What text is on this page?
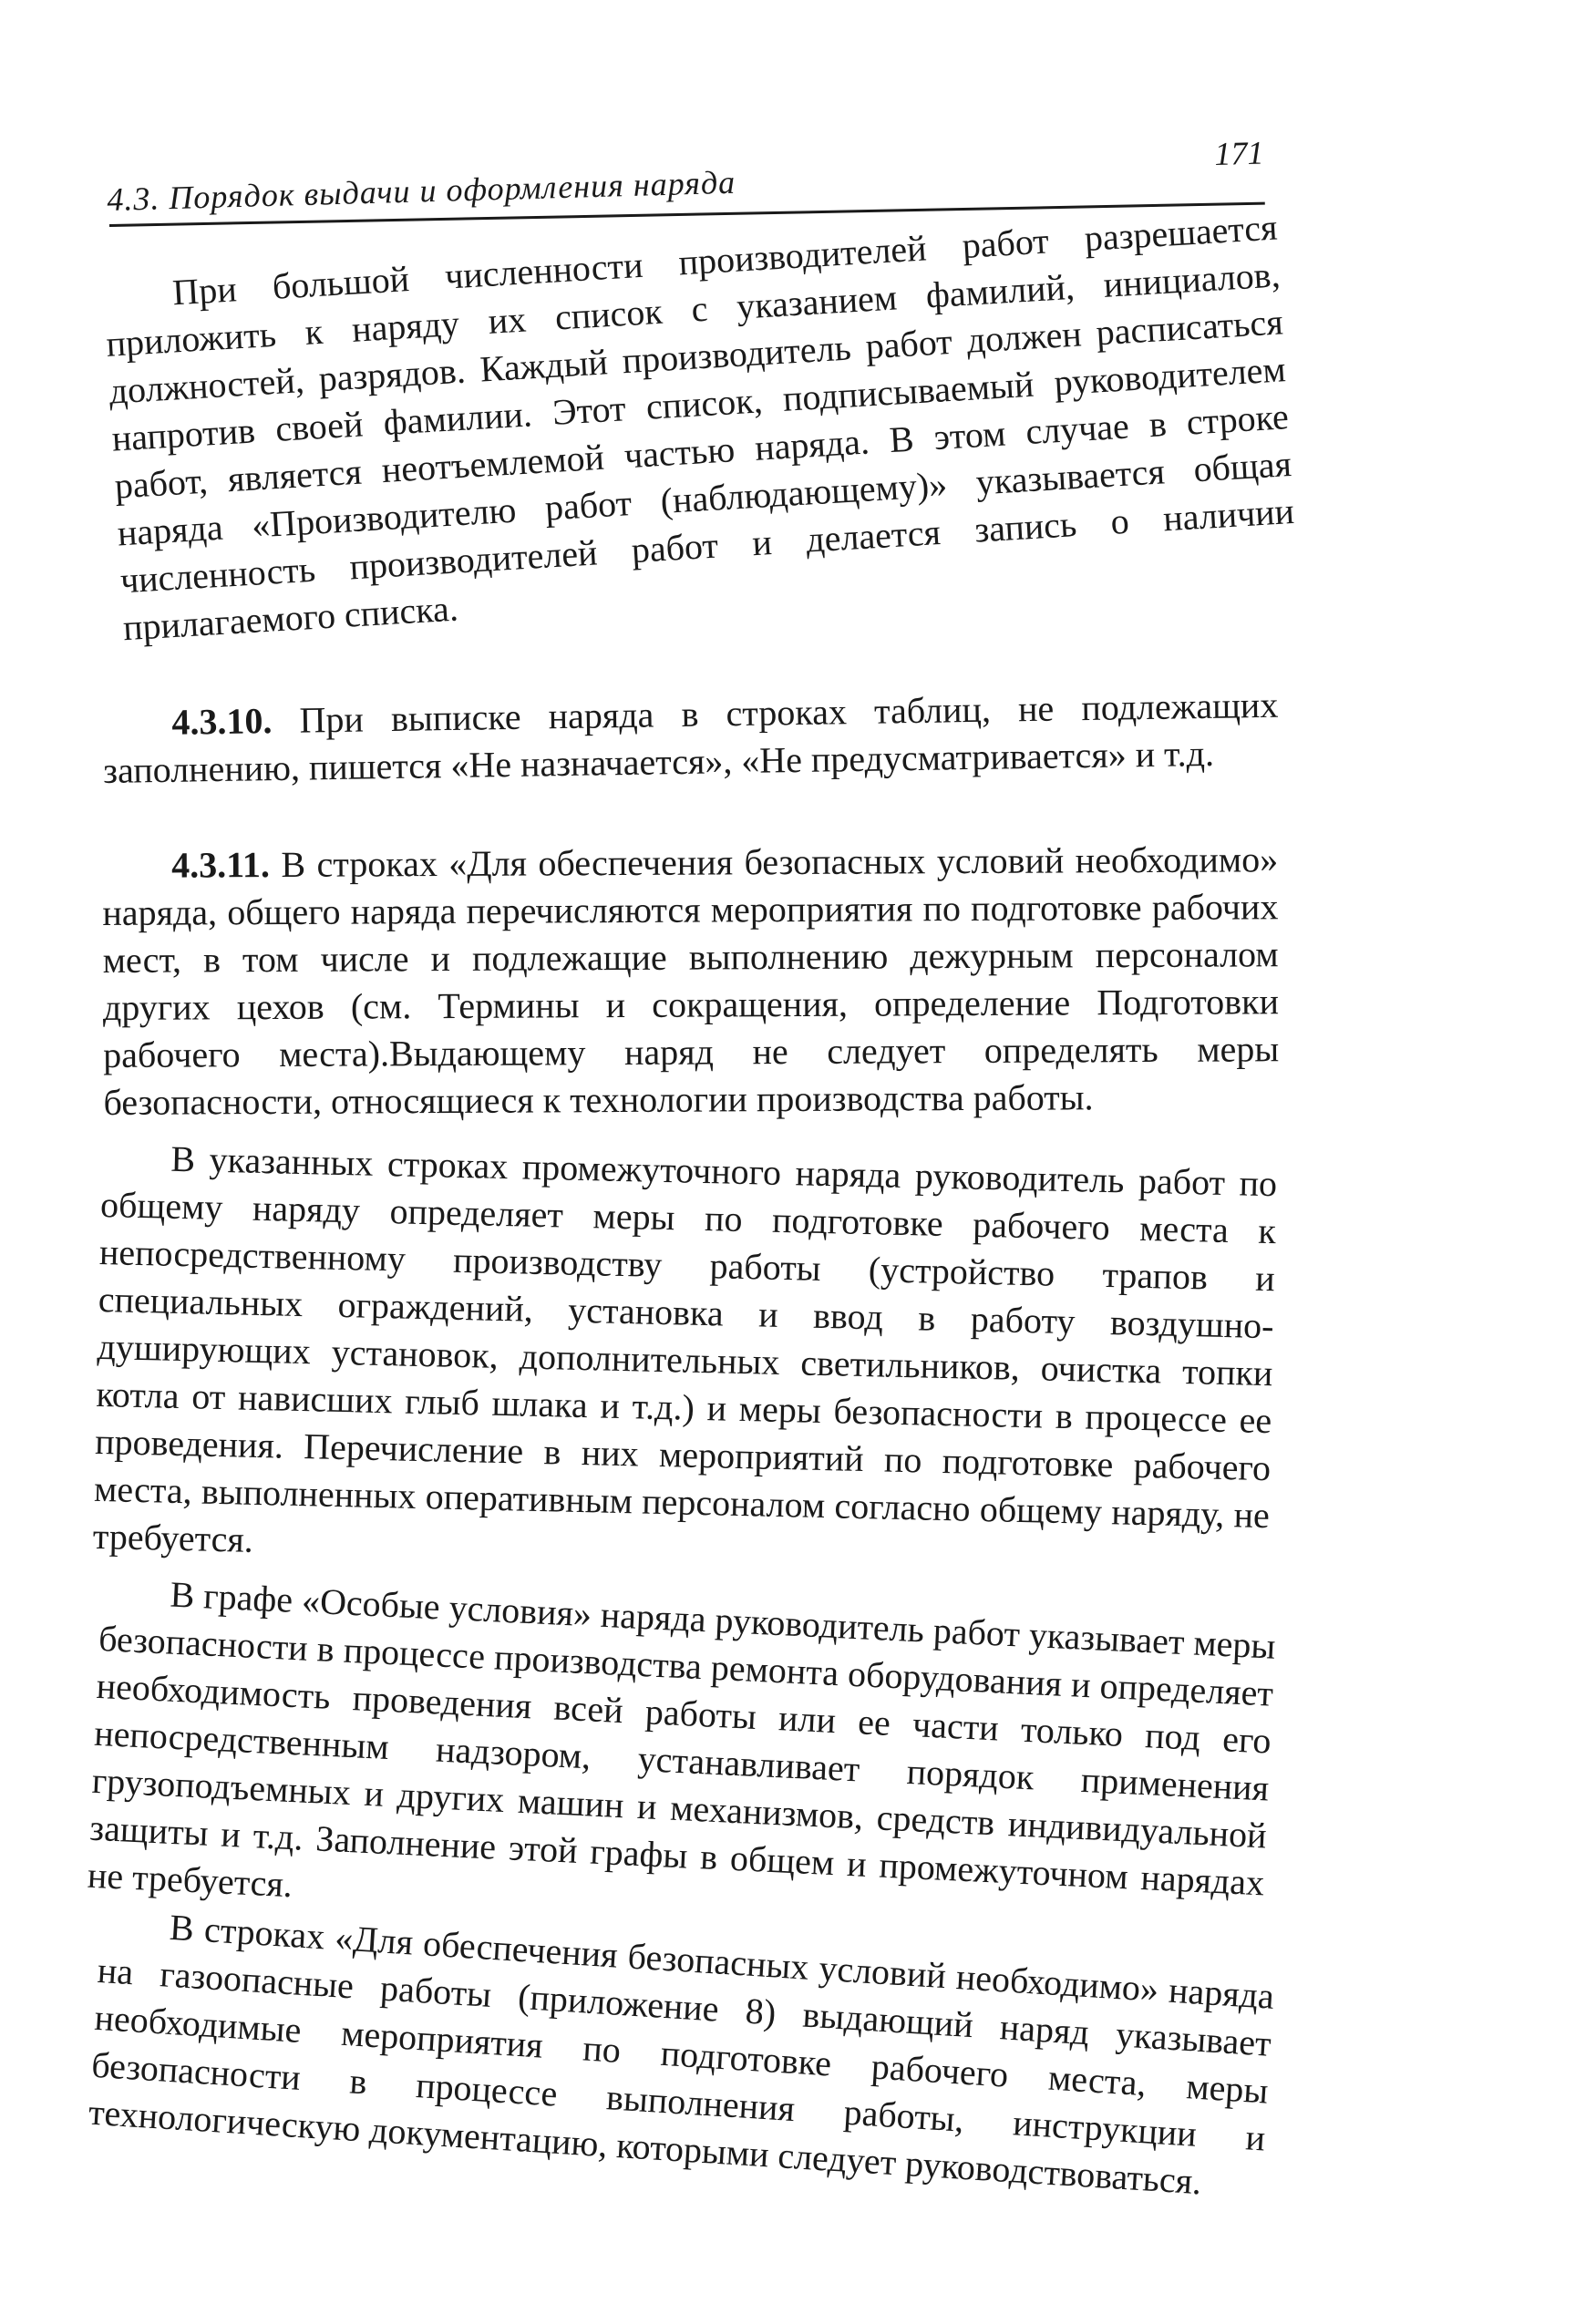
4.3. Порядок выдачи и оформления наряда
171

При большой численности производителей работ разрешается приложить к наряду их список с указанием фамилий, инициалов, должностей, разрядов. Каждый производитель работ должен расписаться напротив своей фамилии. Этот список, подписываемый руководителем работ, является неотъемлемой частью наряда. В этом случае в строке наряда «Производителю работ (наблюдающему)» указывается общая численность производителей работ и делается запись о наличии прилагаемого списка.

4.3.10. При выписке наряда в строках таблиц, не подлежащих заполнению, пишется «Не назначается», «Не предусматривается» и т.д.

4.3.11. В строках «Для обеспечения безопасных условий необходимо» наряда, общего наряда перечисляются мероприятия по подготовке рабочих мест, в том числе и подлежащие выполнению дежурным персоналом других цехов (см. Термины и сокращения, определение Подготовки рабочего места).Выдающему наряд не следует определять меры безопасности, относящиеся к технологии производства работы.

В указанных строках промежуточного наряда руководитель работ по общему наряду определяет меры по подготовке рабочего места к непосредственному производству работы (устройство трапов и специальных ограждений, установка и ввод в работу воздушно-душирующих установок, дополнительных светильников, очистка топки котла от нависших глыб шлака и т.д.) и меры безопасности в процессе ее проведения. Перечисление в них мероприятий по подготовке рабочего места, выполненных оперативным персоналом согласно общему наряду, не требуется.

В графе «Особые условия» наряда руководитель работ указывает меры безопасности в процессе производства ремонта оборудования и определяет необходимость проведения всей работы или ее части только под его непосредственным надзором, устанавливает порядок применения грузоподъемных и других машин и механизмов, средств индивидуальной защиты и т.д. Заполнение этой графы в общем и промежуточном нарядах не требуется.

В строках «Для обеспечения безопасных условий необходимо» наряда на газоопасные работы (приложение 8) выдающий наряд указывает необходимые мероприятия по подготовке рабочего места, меры безопасности в процессе выполнения работы, инструкции и технологическую документацию, которыми следует руководствоваться.
